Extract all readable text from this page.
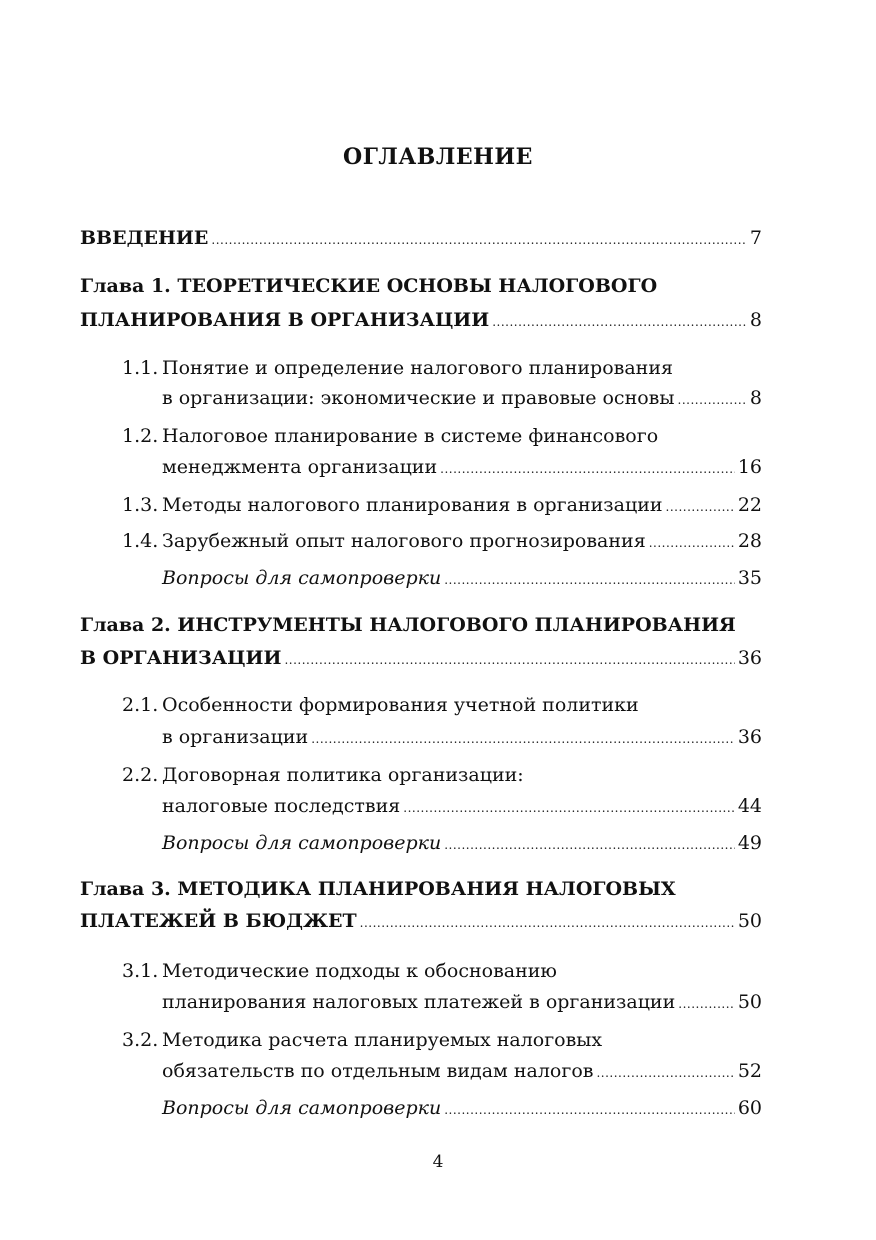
ОГЛАВЛЕНИЕ
ВВЕДЕНИЕ .....	7
Глава 1. ТЕОРЕТИЧЕСКИЕ ОСНОВЫ НАЛОГОВОГО
ПЛАНИРОВАНИЯ В ОРГАНИЗАЦИИ .....	8
1.1. Понятие и определение налогового планирования
в организации: экономические и правовые основы .....	8
1.2. Налоговое планирование в системе финансового
менеджмента организации .....	16
1.3. Методы налогового планирования в организации .....	22
1.4. Зарубежный опыт налогового прогнозирования .....	28
Вопросы для самопроверки .....	35
Глава 2. ИНСТРУМЕНТЫ НАЛОГОВОГО ПЛАНИРОВАНИЯ
В ОРГАНИЗАЦИИ .....	36
2.1. Особенности формирования учетной политики
в организации .....	36
2.2. Договорная политика организации:
налоговые последствия .....	44
Вопросы для самопроверки .....	49
Глава 3. МЕТОДИКА ПЛАНИРОВАНИЯ НАЛОГОВЫХ
ПЛАТЕЖЕЙ В БЮДЖЕТ .....	50
3.1. Методические подходы к обоснованию
планирования налоговых платежей в организации .....	50
3.2. Методика расчета планируемых налоговых
обязательств по отдельным видам налогов .....	52
Вопросы для самопроверки .....	60
4
